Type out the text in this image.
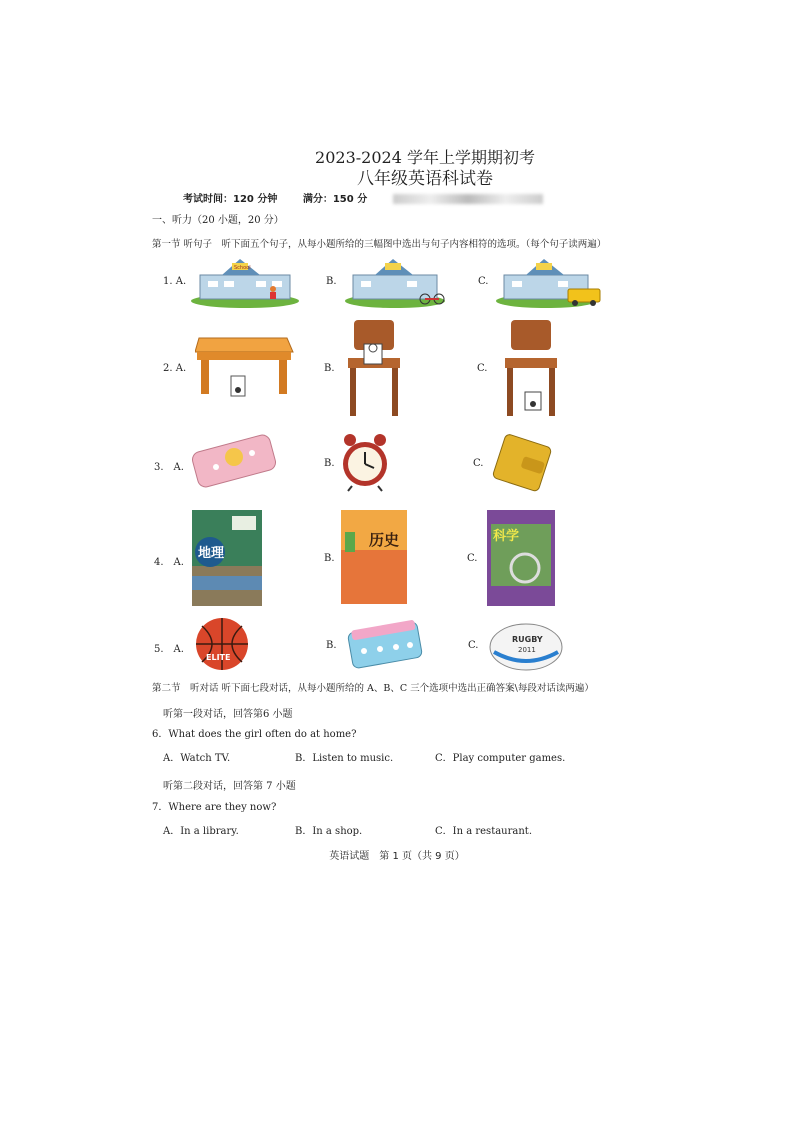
2023-2024 学年上学期期初考
八年级英语科试卷
考试时间：120 分钟	满分：150 分
一、听力（20 小题，20 分）
第一节 听句子　听下面五个句子，从每小题所给的三幅图中选出与句子内容相符的选项。（每个句子读两遍）
1. A.	B.	C.
2. A.	B.	C.
3.　A.	B.	C.
4.　A.	B.	C.
5.　A.	B.	C.
School
地理
历史	科学
ELITE
RUGBY
2011
第二节　听对话 听下面七段对话，从每小题所给的 A、B、C 三个选项中选出正确答案\每段对话读两遍）
听第一段对话，回答第6 小题
6．What does the girl often do at home?
A．Watch TV.	B．Listen to music.	C．Play computer games.
听第二段对话，回答第 7 小题
7．Where are they now?
A．In a library.	B．In a shop.	C．In a restaurant.
英语试题　第 1 页（共 9 页）
